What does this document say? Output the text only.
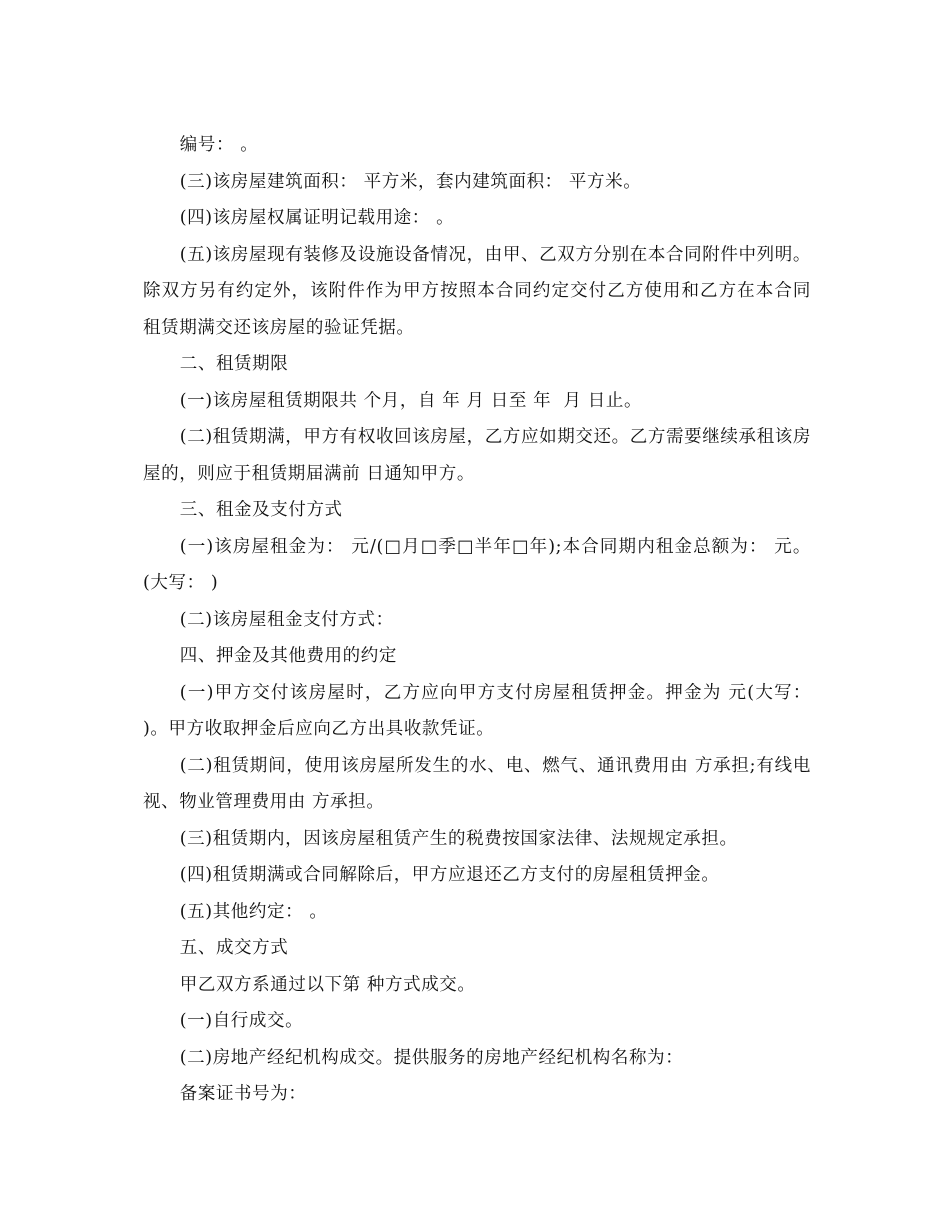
编号： 。

(三)该房屋建筑面积： 平方米，套内建筑面积： 平方米。

(四)该房屋权属证明记载用途： 。

(五)该房屋现有装修及设施设备情况，由甲、乙双方分别在本合同附件中列明。除双方另有约定外，该附件作为甲方按照本合同约定交付乙方使用和乙方在本合同租赁期满交还该房屋的验证凭据。

二、租赁期限

(一)该房屋租赁期限共 个月，自 年 月 日至 年  月 日止。

(二)租赁期满，甲方有权收回该房屋，乙方应如期交还。乙方需要继续承租该房屋的，则应于租赁期届满前 日通知甲方。

三、租金及支付方式

(一)该房屋租金为： 元/(□月□季□半年□年);本合同期内租金总额为： 元。(大写： )

(二)该房屋租金支付方式：

四、押金及其他费用的约定

(一)甲方交付该房屋时，乙方应向甲方支付房屋租赁押金。押金为 元(大写： )。甲方收取押金后应向乙方出具收款凭证。

(二)租赁期间，使用该房屋所发生的水、电、燃气、通讯费用由 方承担;有线电视、物业管理费用由 方承担。

(三)租赁期内，因该房屋租赁产生的税费按国家法律、法规规定承担。

(四)租赁期满或合同解除后，甲方应退还乙方支付的房屋租赁押金。

(五)其他约定： 。

五、成交方式

甲乙双方系通过以下第 种方式成交。

(一)自行成交。

(二)房地产经纪机构成交。提供服务的房地产经纪机构名称为：

备案证书号为：
